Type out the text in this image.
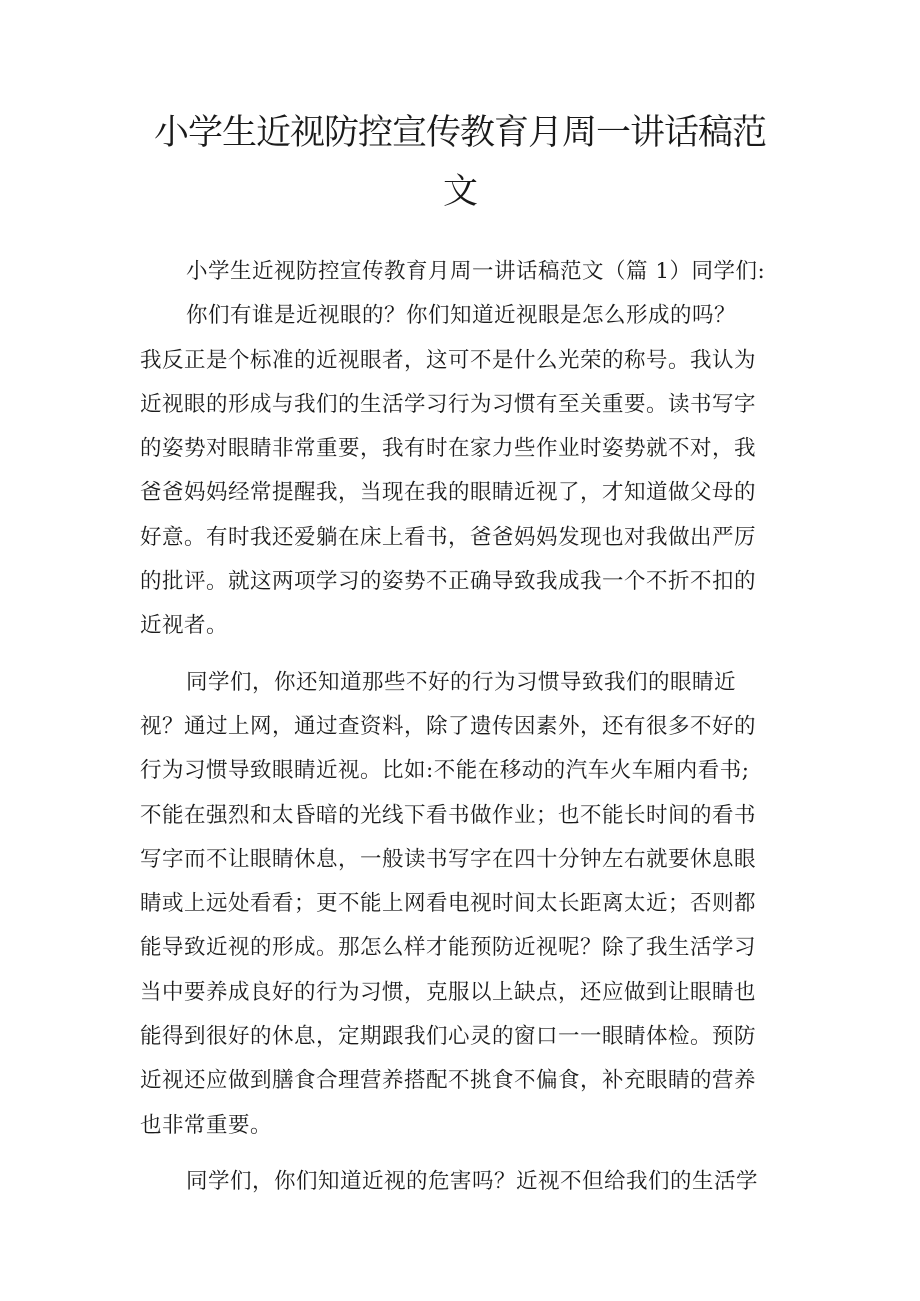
小学生近视防控宣传教育月周一讲话稿范
文
小学生近视防控宣传教育月周一讲话稿范文（篇 1）同学们:
你们有谁是近视眼的？你们知道近视眼是怎么形成的吗？
我反正是个标准的近视眼者，这可不是什么光荣的称号。我认为
近视眼的形成与我们的生活学习行为习惯有至关重要。读书写字
的姿势对眼睛非常重要，我有时在家力些作业时姿势就不对，我
爸爸妈妈经常提醒我，当现在我的眼睛近视了，才知道做父母的
好意。有时我还爱躺在床上看书，爸爸妈妈发现也对我做出严厉
的批评。就这两项学习的姿势不正确导致我成我一个不折不扣的
近视者。
同学们，你还知道那些不好的行为习惯导致我们的眼睛近
视？通过上网，通过查资料，除了遗传因素外，还有很多不好的
行为习惯导致眼睛近视。比如:不能在移动的汽车火车厢内看书;
不能在强烈和太昏暗的光线下看书做作业；也不能长时间的看书
写字而不让眼睛休息，一般读书写字在四十分钟左右就要休息眼
睛或上远处看看；更不能上网看电视时间太长距离太近；否则都
能导致近视的形成。那怎么样才能预防近视呢？除了我生活学习
当中要养成良好的行为习惯，克服以上缺点，还应做到让眼睛也
能得到很好的休息，定期跟我们心灵的窗口一一眼睛体检。预防
近视还应做到膳食合理营养搭配不挑食不偏食，补充眼睛的营养
也非常重要。
同学们，你们知道近视的危害吗？近视不但给我们的生活学
